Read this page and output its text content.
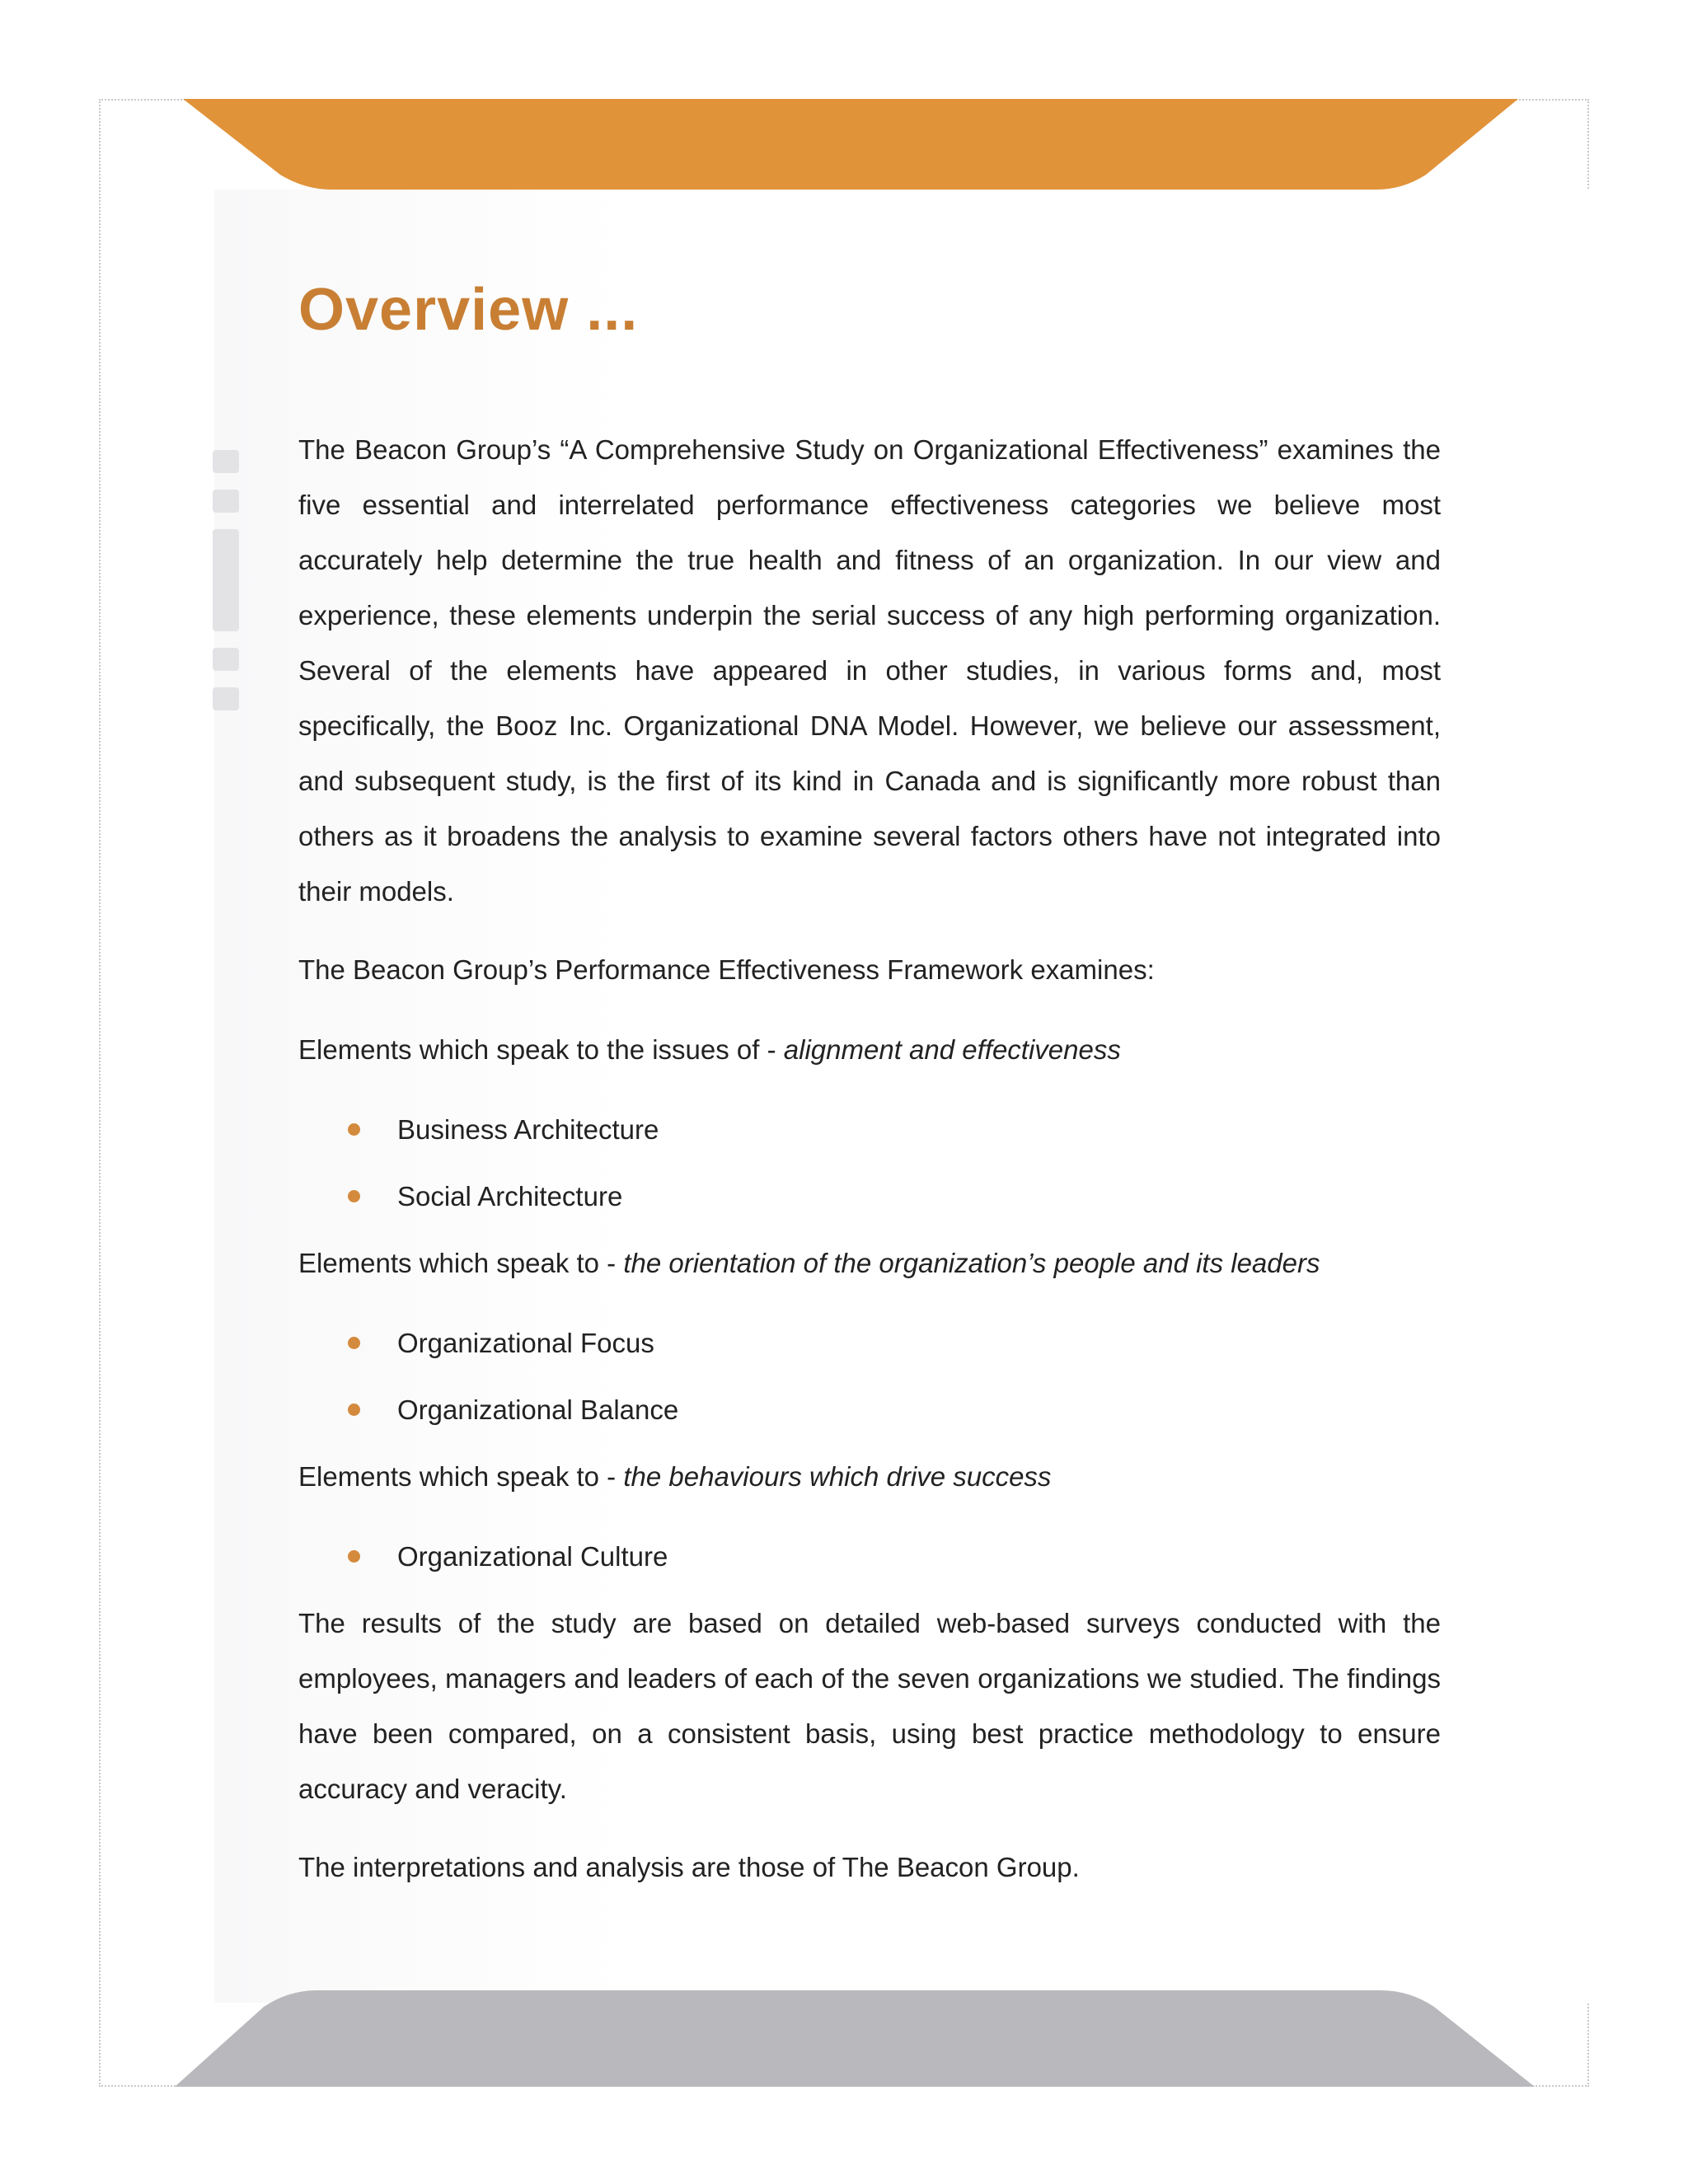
Overview ...

The Beacon Group’s “A Comprehensive Study on Organizational Effectiveness” examines the five essential and interrelated performance effectiveness categories we believe most accurately help determine the true health and fitness of an organization. In our view and experience, these elements underpin the serial success of any high performing organization. Several of the elements have appeared in other studies, in various forms and, most specifically, the Booz Inc. Organizational DNA Model. However, we believe our assessment, and subsequent study, is the first of its kind in Canada and is significantly more robust than others as it broadens the analysis to examine several factors others have not integrated into their models.

The Beacon Group’s Performance Effectiveness Framework examines:

Elements which speak to the issues of - alignment and effectiveness

Business Architecture
Social Architecture

Elements which speak to - the orientation of the organization’s people and its leaders

Organizational Focus
Organizational Balance

Elements which speak to - the behaviours which drive success

Organizational Culture

The results of the study are based on detailed web-based surveys conducted with the employees, managers and leaders of each of the seven organizations we studied. The findings have been compared, on a consistent basis, using best practice methodology to ensure accuracy and veracity.

The interpretations and analysis are those of The Beacon Group.
